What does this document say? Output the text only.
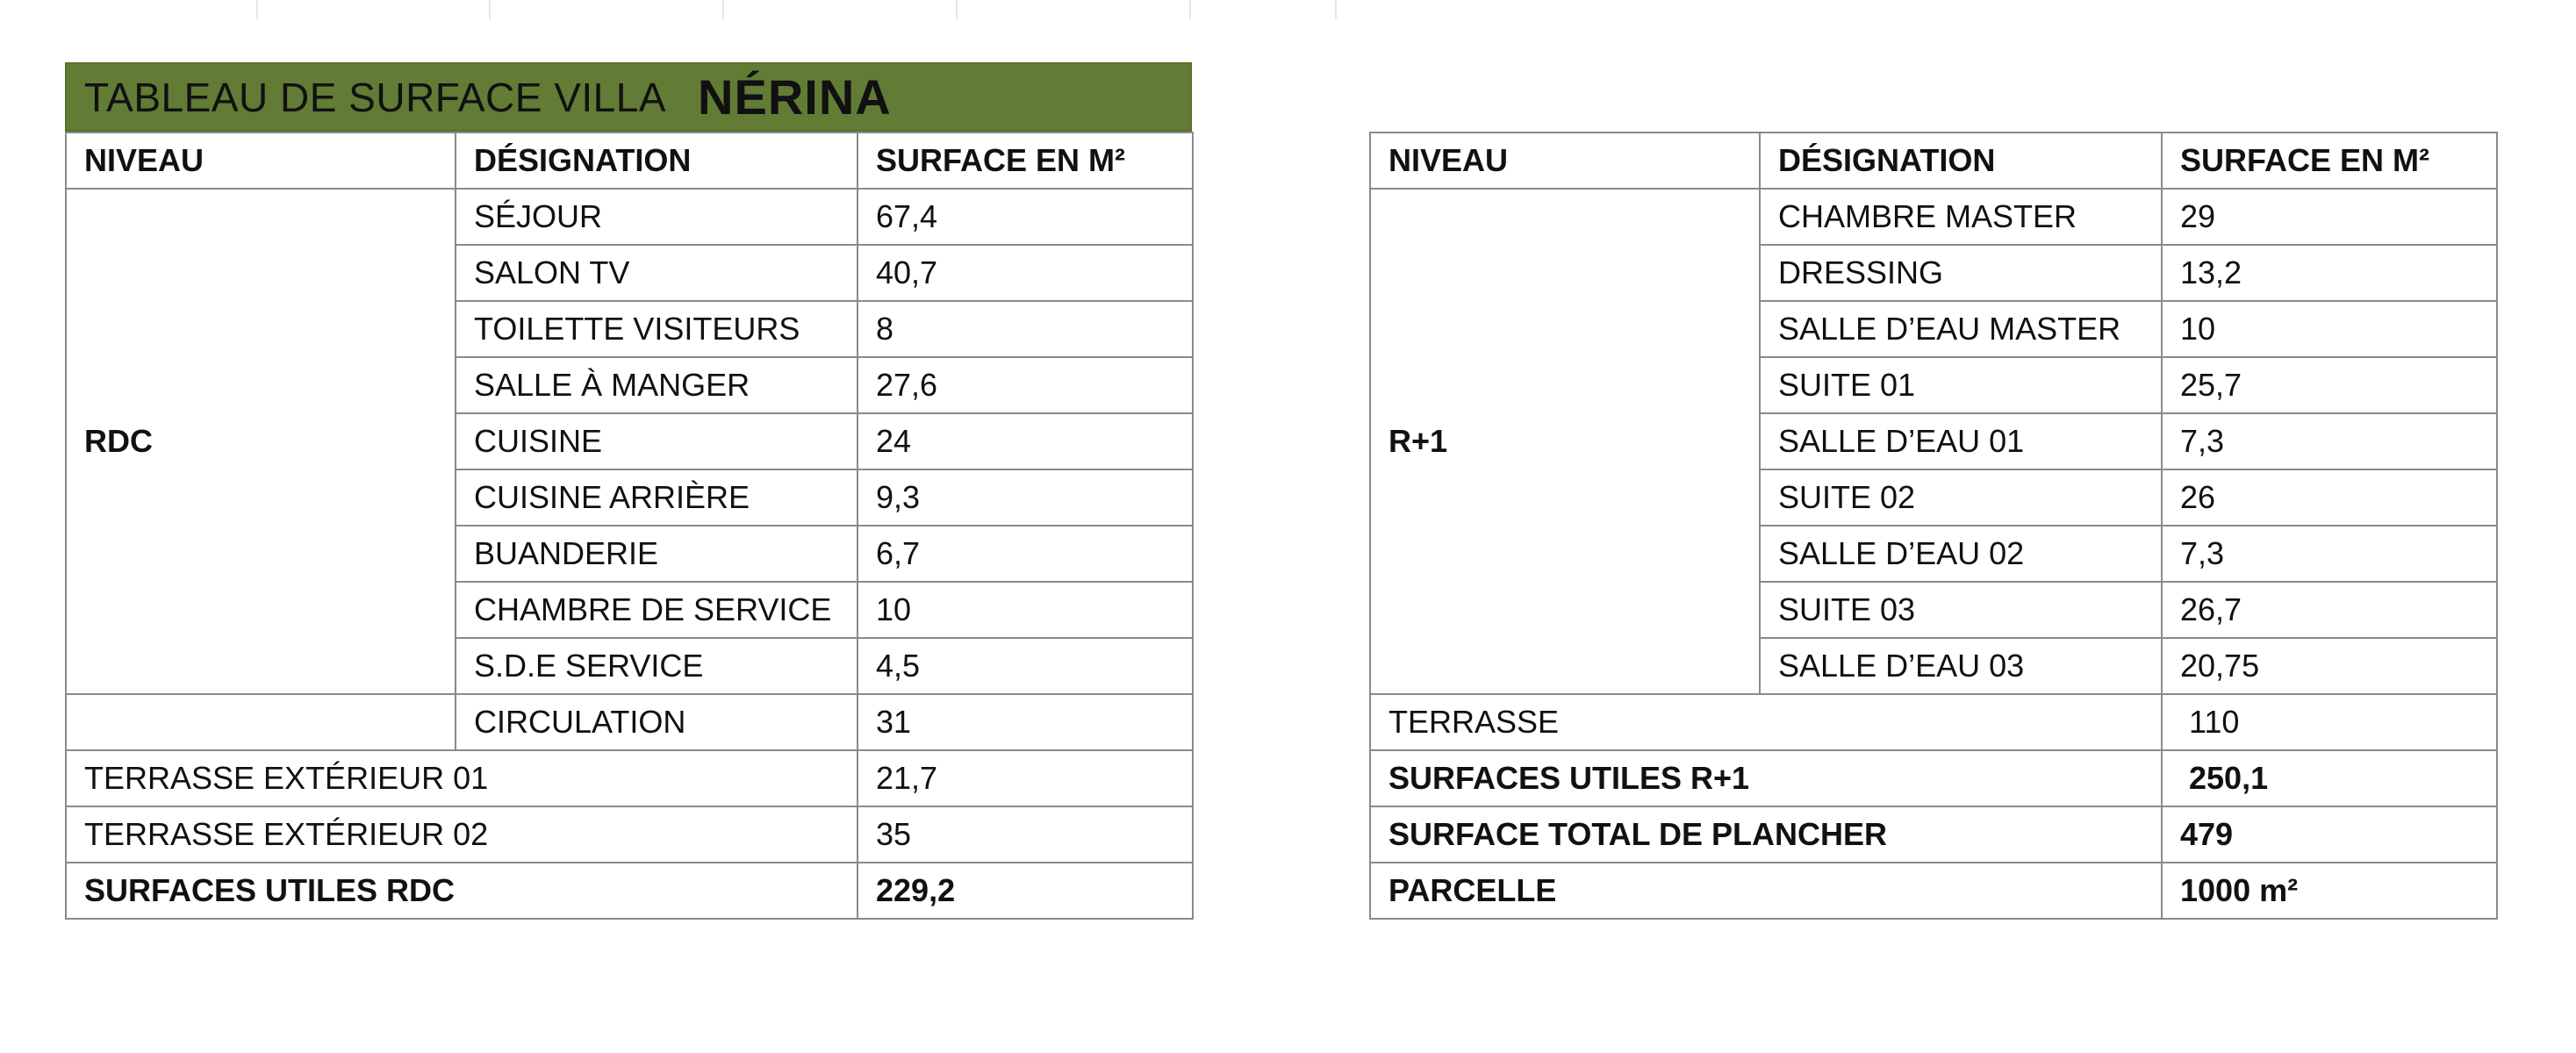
TABLEAU DE SURFACE VILLA NÉRINA
NIVEAU	DÉSIGNATION	SURFACE EN M²
RDC	SÉJOUR	67,4
	SALON TV	40,7
	TOILETTE VISITEURS	8
	SALLE À MANGER	27,6
	CUISINE	24
	CUISINE ARRIÈRE	9,3
	BUANDERIE	6,7
	CHAMBRE DE SERVICE	10
	S.D.E SERVICE	4,5
	CIRCULATION	31
TERRASSE EXTÉRIEUR 01		21,7
TERRASSE EXTÉRIEUR 02		35
SURFACES UTILES RDC		229,2
NIVEAU	DÉSIGNATION	SURFACE EN M²
R+1	CHAMBRE MASTER	29
	DRESSING	13,2
	SALLE D’EAU MASTER	10
	SUITE 01	25,7
	SALLE D’EAU 01	7,3
	SUITE 02	26
	SALLE D’EAU 02	7,3
	SUITE 03	26,7
	SALLE D’EAU 03	20,75
TERRASSE		110
SURFACES UTILES R+1		250,1
SURFACE TOTAL DE PLANCHER		479
PARCELLE		1000 m²
